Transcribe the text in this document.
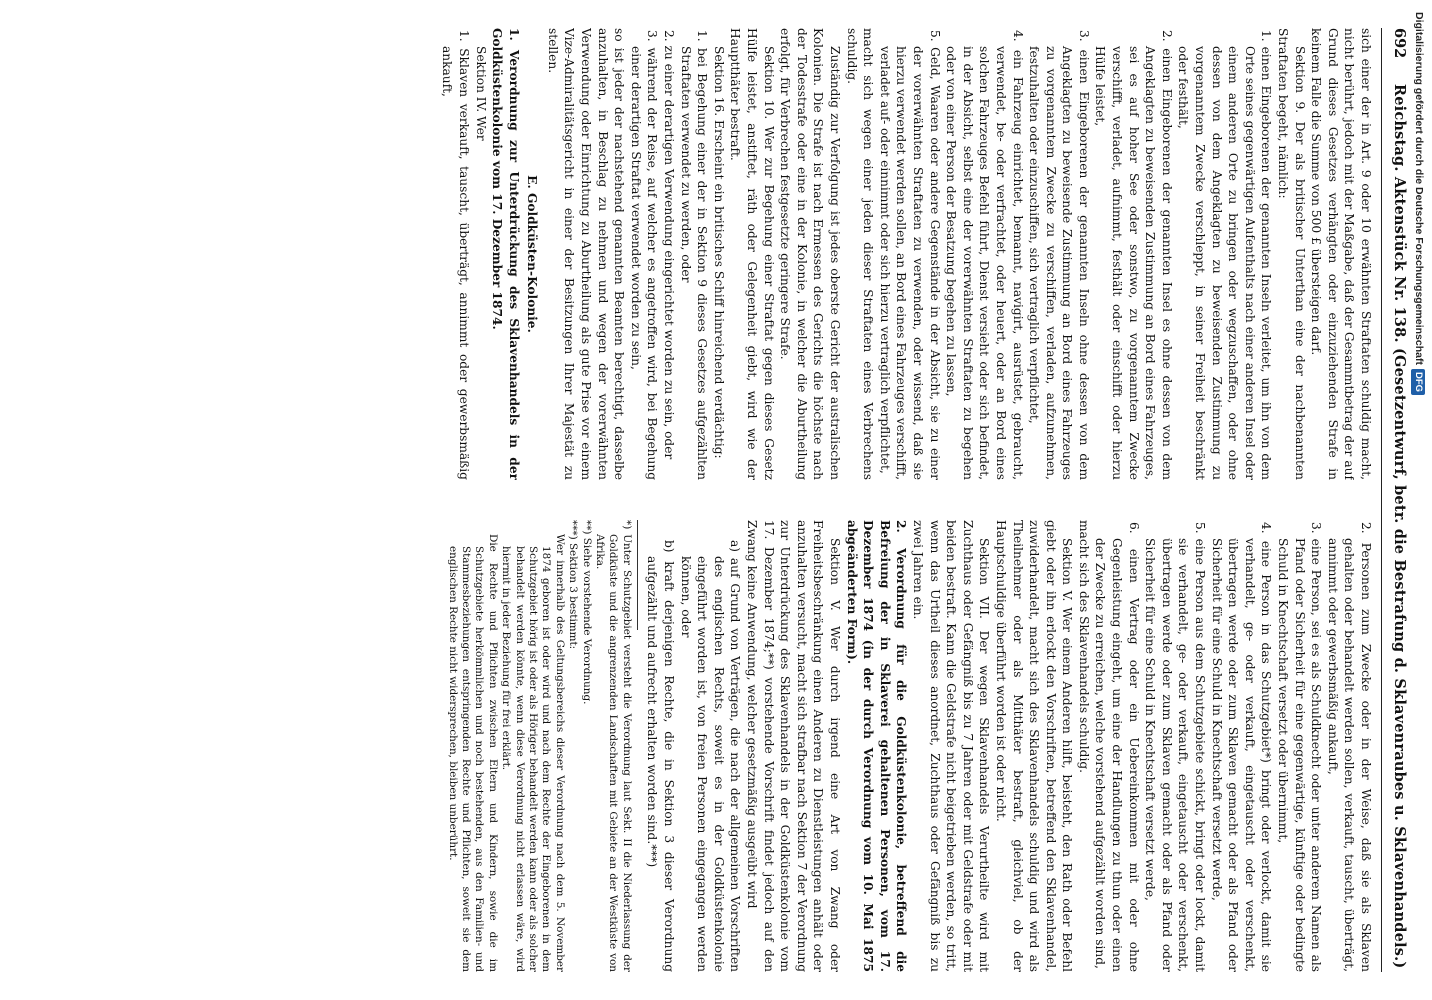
692
Reichstag. Aktenstück Nr. 138. (Gesetzentwurf, betr. die Bestrafung d. Sklavenraubes u. Sklavenhandels.)

sich einer der in Art. 9 oder 10 erwähnten Straftaten schuldig macht, nicht berührt, jedoch mit der Maßgabe, daß der Gesammtbetrag der auf Grund dieses Gesetzes verhängten oder einzuziehenden Strafe in keinem Falle die Summe von 500 £ übersteigen darf.

Sektion 9. Der als britischer Unterthan eine der nachbenannten Straftaten begeht, nämlich:

1. einen Eingeborenen der genannten Inseln verleitet, um ihn von dem Orte seines gegenwärtigen Aufenthalts nach einer anderen Insel oder einem anderen Orte zu bringen oder wegzuschaffen, oder ohne dessen von dem Angeklagten zu beweisenden Zustimmung zu vorgenanntem Zwecke verschleppt, in seiner Freiheit beschränkt oder festhält,

2. einen Eingeborenen der genannten Insel es ohne dessen von dem Angeklagten zu beweisenden Zustimmung an Bord eines Fahrzeuges, sei es auf hoher See oder sonstwo, zu vorgenanntem Zwecke verschifft, verladet, aufnimmt, festhält oder einschifft oder hierzu Hülfe leistet,

3. einen Eingeborenen der genannten Inseln ohne dessen von dem Angeklagten zu beweisende Zustimmung an Bord eines Fahrzeuges zu vorgenanntem Zwecke zu verschiffen, verladen, aufzunehmen, festzuhalten oder einzuschiffen, sich vertraglich verpflichtet,

4. ein Fahrzeug einrichtet, bemannt, navigirt, ausrüstet, gebraucht, verwendet, be- oder verfrachtet, oder heuert, oder an Bord eines solchen Fahrzeuges Befehl führt, Dienst versieht oder sich befindet, in der Absicht, selbst eine der vorerwähnten Straftaten zu begehen oder von einer Person der Besatzung begehen zu lassen,

5. Geld, Waaren oder andere Gegenstände in der Absicht, sie zu einer der vorerwähnten Straftaten zu verwenden, oder wissend, daß sie hierzu verwendet werden sollen, an Bord eines Fahrzeuges verschifft, verladet auf- oder einnimmt oder sich hierzu vertraglich verpflichtet,

macht sich wegen einer jeden dieser Straftaten eines Verbrechens schuldig.

Zuständig zur Verfolgung ist jedes oberste Gericht der australischen Kolonien. Die Strafe ist nach Ermessen des Gerichts die höchste nach der Todesstrafe oder eine in der Kolonie, in welcher die Aburtheilung erfolgt, für Verbrechen festgesetzte geringere Strafe.

Sektion 10. Wer zur Begehung einer Straftat gegen dieses Gesetz Hülfe leistet, anstiftet, räth oder Gelegenheit giebt, wird wie der Hauptthäter bestraft.

Sektion 16. Erscheint ein britisches Schiff hinreichend verdächtig:

1. bei Begehung einer der in Sektion 9 dieses Gesetzes aufgezählten Straftaten verwendet zu werden, oder

2. zu einer derartigen Verwendung eingerichtet worden zu sein, oder

3. während der Reise, auf welcher es angetroffen wird, bei Begehung einer derartigen Straftat verwendet worden zu sein,

so ist jeder der nachstehend genannten Beamten berechtigt, dasselbe anzuhalten, in Beschlag zu nehmen und wegen der vorerwähnten Verwendung oder Einrichtung zu Aburtheilung als gute Prise vor einem Vize-Admiralitätsgericht in einer der Besitzungen Ihrer Majestät zu stellen.

E. Goldküsten-Kolonie.

1. Verordnung zur Unterdrückung des Sklavenhandels in der Goldküstenkolonie vom 17. Dezember 1874.

Sektion IV. Wer

1. Sklaven verkauft, tauscht, überträgt, annimmt oder gewerbsmäßig ankauft,

2. Personen zum Zwecke oder in der Weise, daß sie als Sklaven gehalten oder behandelt werden sollen, verkauft, tauscht, überträgt, annimmt oder gewerbsmäßig ankauft,

3. eine Person, sei es als Schuldknecht oder unter anderem Namen als Pfand oder Sicherheit für eine gegenwärtige, künftige oder bedingte Schuld in Knechtschaft versetzt oder übernimmt,

4. eine Person in das Schutzgebiet*) bringt oder verlockt, damit sie verhandelt, ge- oder verkauft, eingetauscht oder verschenkt, übertragen werde oder zum Sklaven gemacht oder als Pfand oder Sicherheit für eine Schuld in Knechtschaft versetzt werde,

5. eine Person aus dem Schutzgebiete schickt, bringt oder lockt, damit sie verhandelt, ge- oder verkauft, eingetauscht oder verschenkt, übertragen werde oder zum Sklaven gemacht oder als Pfand oder Sicherheit für eine Schuld in Knechtschaft versetzt werde,

6. einen Vertrag oder ein Uebereinkommen mit oder ohne Gegenleistung eingeht, um eine der Handlungen zu thun oder einen der Zwecke zu erreichen, welche vorstehend aufgezählt worden sind,

macht sich des Sklavenhandels schuldig.

Sektion V. Wer einem Anderen hilft, beisteht, den Rath oder Befehl giebt oder ihn erlockt den Vorschriften, betreffend den Sklavenhandel, zuwiderhandelt, macht sich des Sklavenhandels schuldig und wird als Theilnehmer oder als Mitthäter bestraft, gleichviel, ob der Hauptschuldige überführt worden ist oder nicht.

Sektion VII. Der wegen Sklavenhandels Verurtheilte wird mit Zuchthaus oder Gefängniß bis zu 7 Jahren oder mit Geldstrafe oder mit beiden bestraft. Kann die Geldstrafe nicht beigetrieben werden, so tritt, wenn das Urtheil dieses anordnet, Zuchthaus oder Gefängniß bis zu zwei Jahren ein.

2. Verordnung für die Goldküstenkolonie, betreffend die Befreiung der in Sklaverei gehaltenen Personen, vom 17. Dezember 1874 (in der durch Verordnung vom 10. Mai 1875 abgeänderten Form).

Sektion V. Wer durch irgend eine Art von Zwang oder Freiheitsbeschränkung einen Anderen zu Dienstleistungen anhält oder anzuhalten versucht, macht sich strafbar nach Sektion 7 der Verordnung zur Unterdrückung des Sklavenhandels in der Goldküstenkolonie vom 17. Dezember 1874;**) vorstehende Vorschrift findet jedoch auf den Zwang keine Anwendung, welcher gesetzmäßig ausgeübt wird

a) auf Grund von Verträgen, die nach der allgemeinen Vorschriften des englischen Rechts, soweit es in der Goldküstenkolonie eingeführt worden ist, von freien Personen eingegangen werden können, oder

b) kraft derjenigen Rechte, die in Sektion 3 dieser Verordnung aufgezählt und aufrecht erhalten worden sind.***)

*) Unter Schutzgebiet versteht die Verordnung laut Sekt. II die Niederlassung der Goldküste und die angrenzenden Landschaften mit Gebiete an der Westküste von Afrika.

**) Siehe vorstehende Verordnung.

***) Sektion 3 bestimmt:

Wer innerhalb des Geltungsbereichs dieser Verordnung nach dem 5. November 1874 geboren ist oder wird und nach dem Rechte der Eingeborenen in dem Schutzgebiet hörig ist oder als Höriger behandelt werden kann oder als solcher behandelt werden könnte, wenn diese Verordnung nicht erlassen wäre, wird hiermit in jeder Beziehung für frei erklärt.

Die Rechte und Pflichten zwischen Eltern und Kindern, sowie die im Schutzgebiete herkömmlichen und noch bestehenden, aus den Familien- und Stammesbeziehungen entspringenden Rechte und Pflichten, soweit sie dem englischen Rechte nicht widersprechen, bleiben unberührt.

Digitalisierung gefördert durch die Deutsche ForschungsgemeinschaftDFG
